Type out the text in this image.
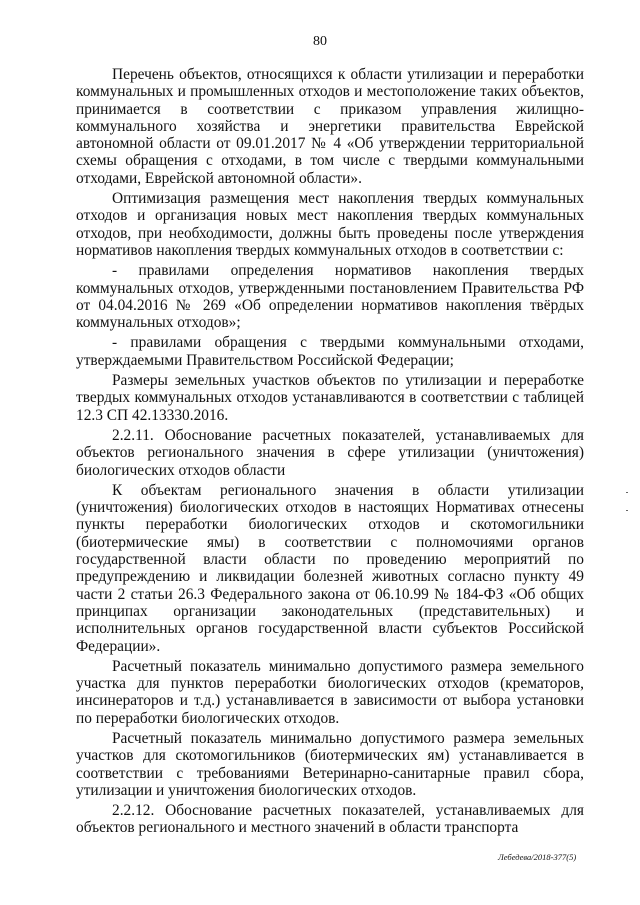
80

Перечень объектов, относящихся к области утилизации и переработки коммунальных и промышленных отходов и местоположение таких объектов, принимается в соответствии с приказом управления жилищно-коммунального хозяйства и энергетики правительства Еврейской автономной области от 09.01.2017 № 4 «Об утверждении территориальной схемы обращения с отходами, в том числе с твердыми коммунальными отходами, Еврейской автономной области».

Оптимизация размещения мест накопления твердых коммунальных отходов и организация новых мест накопления твердых коммунальных отходов, при необходимости, должны быть проведены после утверждения нормативов накопления твердых коммунальных отходов в соответствии с:

- правилами определения нормативов накопления твердых коммунальных отходов, утвержденными постановлением Правительства РФ от 04.04.2016 № 269 «Об определении нормативов накопления твёрдых коммунальных отходов»;

- правилами обращения с твердыми коммунальными отходами, утверждаемыми Правительством Российской Федерации;

Размеры земельных участков объектов по утилизации и переработке твердых коммунальных отходов устанавливаются в соответствии с таблицей 12.3 СП 42.13330.2016.

2.2.11. Обоснование расчетных показателей, устанавливаемых для объектов регионального значения в сфере утилизации (уничтожения) биологических отходов области

К объектам регионального значения в области утилизации (уничтожения) биологических отходов в настоящих Нормативах отнесены пункты переработки биологических отходов и скотомогильники (биотермические ямы) в соответствии с полномочиями органов государственной власти области по проведению мероприятий по предупреждению и ликвидации болезней животных согласно пункту 49 части 2 статьи 26.3 Федерального закона от 06.10.99 № 184-ФЗ «Об общих принципах организации законодательных (представительных) и исполнительных органов государственной власти субъектов Российской Федерации».

Расчетный показатель минимально допустимого размера земельного участка для пунктов переработки биологических отходов (крематоров, инсинераторов и т.д.) устанавливается в зависимости от выбора установки по переработки биологических отходов.

Расчетный показатель минимально допустимого размера земельных участков для скотомогильников (биотермических ям) устанавливается в соответствии с требованиями Ветеринарно-санитарные правил сбора, утилизации и уничтожения биологических отходов.

2.2.12. Обоснование расчетных показателей, устанавливаемых для объектов регионального и местного значений в области транспорта

Лебедева/2018-377(5)
